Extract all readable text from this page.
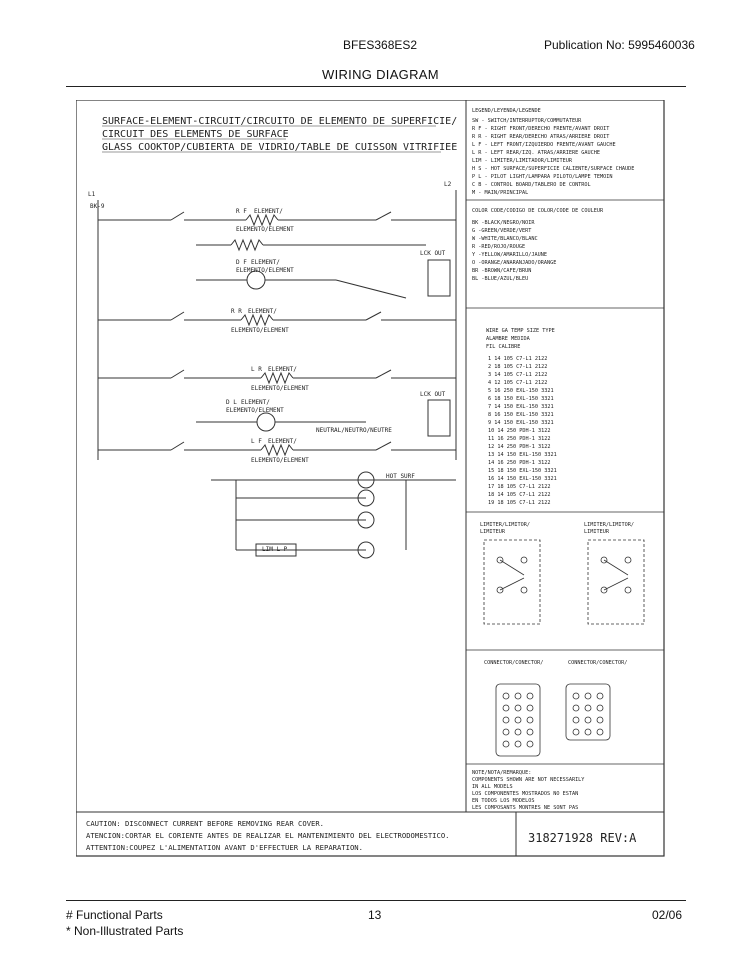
BFES368ES2	Publication No: 5995460036
WIRING DIAGRAM
SURFACE-ELEMENT-CIRCUIT/CIRCUITO DE ELEMENTO DE SUPERFICIE/
CIRCUIT DES ELEMENTS DE SURFACE
GLASS COOKTOP/CUBIERTA DE VIDRIO/TABLE DE CUISSON VITRIFIEE
L1
BK-9
L2
R F ELEMENT/
ELEMENTO/ELEMENT
D F ELEMENT/
ELEMENTO/ELEMENT
R R ELEMENT/
ELEMENTO/ELEMENT
L R ELEMENT/
ELEMENTO/ELEMENT
D L ELEMENT/
ELEMENTO/ELEMENT
L F ELEMENT/
ELEMENTO/ELEMENT
LCK OUT
LCK OUT
NEUTRAL/NEUTRO/NEUTRE
LIM L P
HOT SURF
LEGEND/LEYENDA/LEGENDE
SW - SWITCH/INTERRUPTOR/COMMUTATEUR
R F - RIGHT FRONT/DERECHO FRENTE/AVANT DROIT
R R - RIGHT REAR/DERECHO ATRAS/ARRIERE DROIT
L F - LEFT FRONT/IZQUIERDO FRENTE/AVANT GAUCHE
L R - LEFT REAR/IZQ. ATRAS/ARRIERE GAUCHE
LIM - LIMITER/LIMITADOR/LIMITEUR
H S - HOT SURFACE/SUPERFICIE CALIENTE/SURFACE CHAUDE
P L - PILOT LIGHT/LAMPARA PILOTO/LAMPE TEMOIN
C B - CONTROL BOARD/TABLERO DE CONTROL
M - MAIN/PRINCIPAL
COLOR CODE/CODIGO DE COLOR/CODE DE COULEUR
BK -BLACK/NEGRO/NOIR
G -GREEN/VERDE/VERT
W -WHITE/BLANCO/BLANC
R -RED/ROJO/ROUGE
Y -YELLOW/AMARILLO/JAUNE
O -ORANGE/ANARANJADO/ORANGE
BR -BROWN/CAFE/BRUN
BL -BLUE/AZUL/BLEU
WIRE GA TEMP SIZE TYPE
ALAMBRE MEDIDA
FIL CALIBRE
1 14 105 C7-L1 2122
2 18 105 C7-L1 2122
3 14 105 C7-L1 2122
4 12 105 C7-L1 2122
5 16 250 EXL-150 3321
6 18 150 EXL-150 3321
7 14 150 EXL-150 3321
8 16 150 EXL-150 3321
9 14 150 EXL-150 3321
10 14 250 PDH-1 3122
11 16 250 PDH-1 3122
12 14 250 PDH-1 3122
13 14 150 EXL-150 3321
14 16 250 PDH-1 3122
15 18 150 EXL-150 3321
16 14 150 EXL-150 3321
17 18 105 C7-L1 2122
18 14 105 C7-L1 2122
19 18 105 C7-L1 2122
LIMITER/LIMITOR/
LIMITEUR
LIMITER/LIMITOR/
LIMITEUR
CONNECTOR/CONECTOR/	CONNECTOR/CONECTOR/
NOTE/NOTA/REMARQUE:
COMPONENTS SHOWN ARE NOT NECESSARILY
IN ALL MODELS
LOS COMPONENTES MOSTRADOS NO ESTAN
EN TODOS LOS MODELOS
LES COMPOSANTS MONTRES NE SONT PAS
CAUTION: DISCONNECT CURRENT BEFORE REMOVING REAR COVER.
ATENCION:CORTAR EL CORIENTE ANTES DE REALIZAR EL MANTENIMIENTO DEL ELECTRODOMESTICO.
ATTENTION:COUPEZ L'ALIMENTATION AVANT D'EFFECTUER LA REPARATION.
318271928 REV:A
# Functional Parts
* Non-Illustrated Parts
13	02/06
